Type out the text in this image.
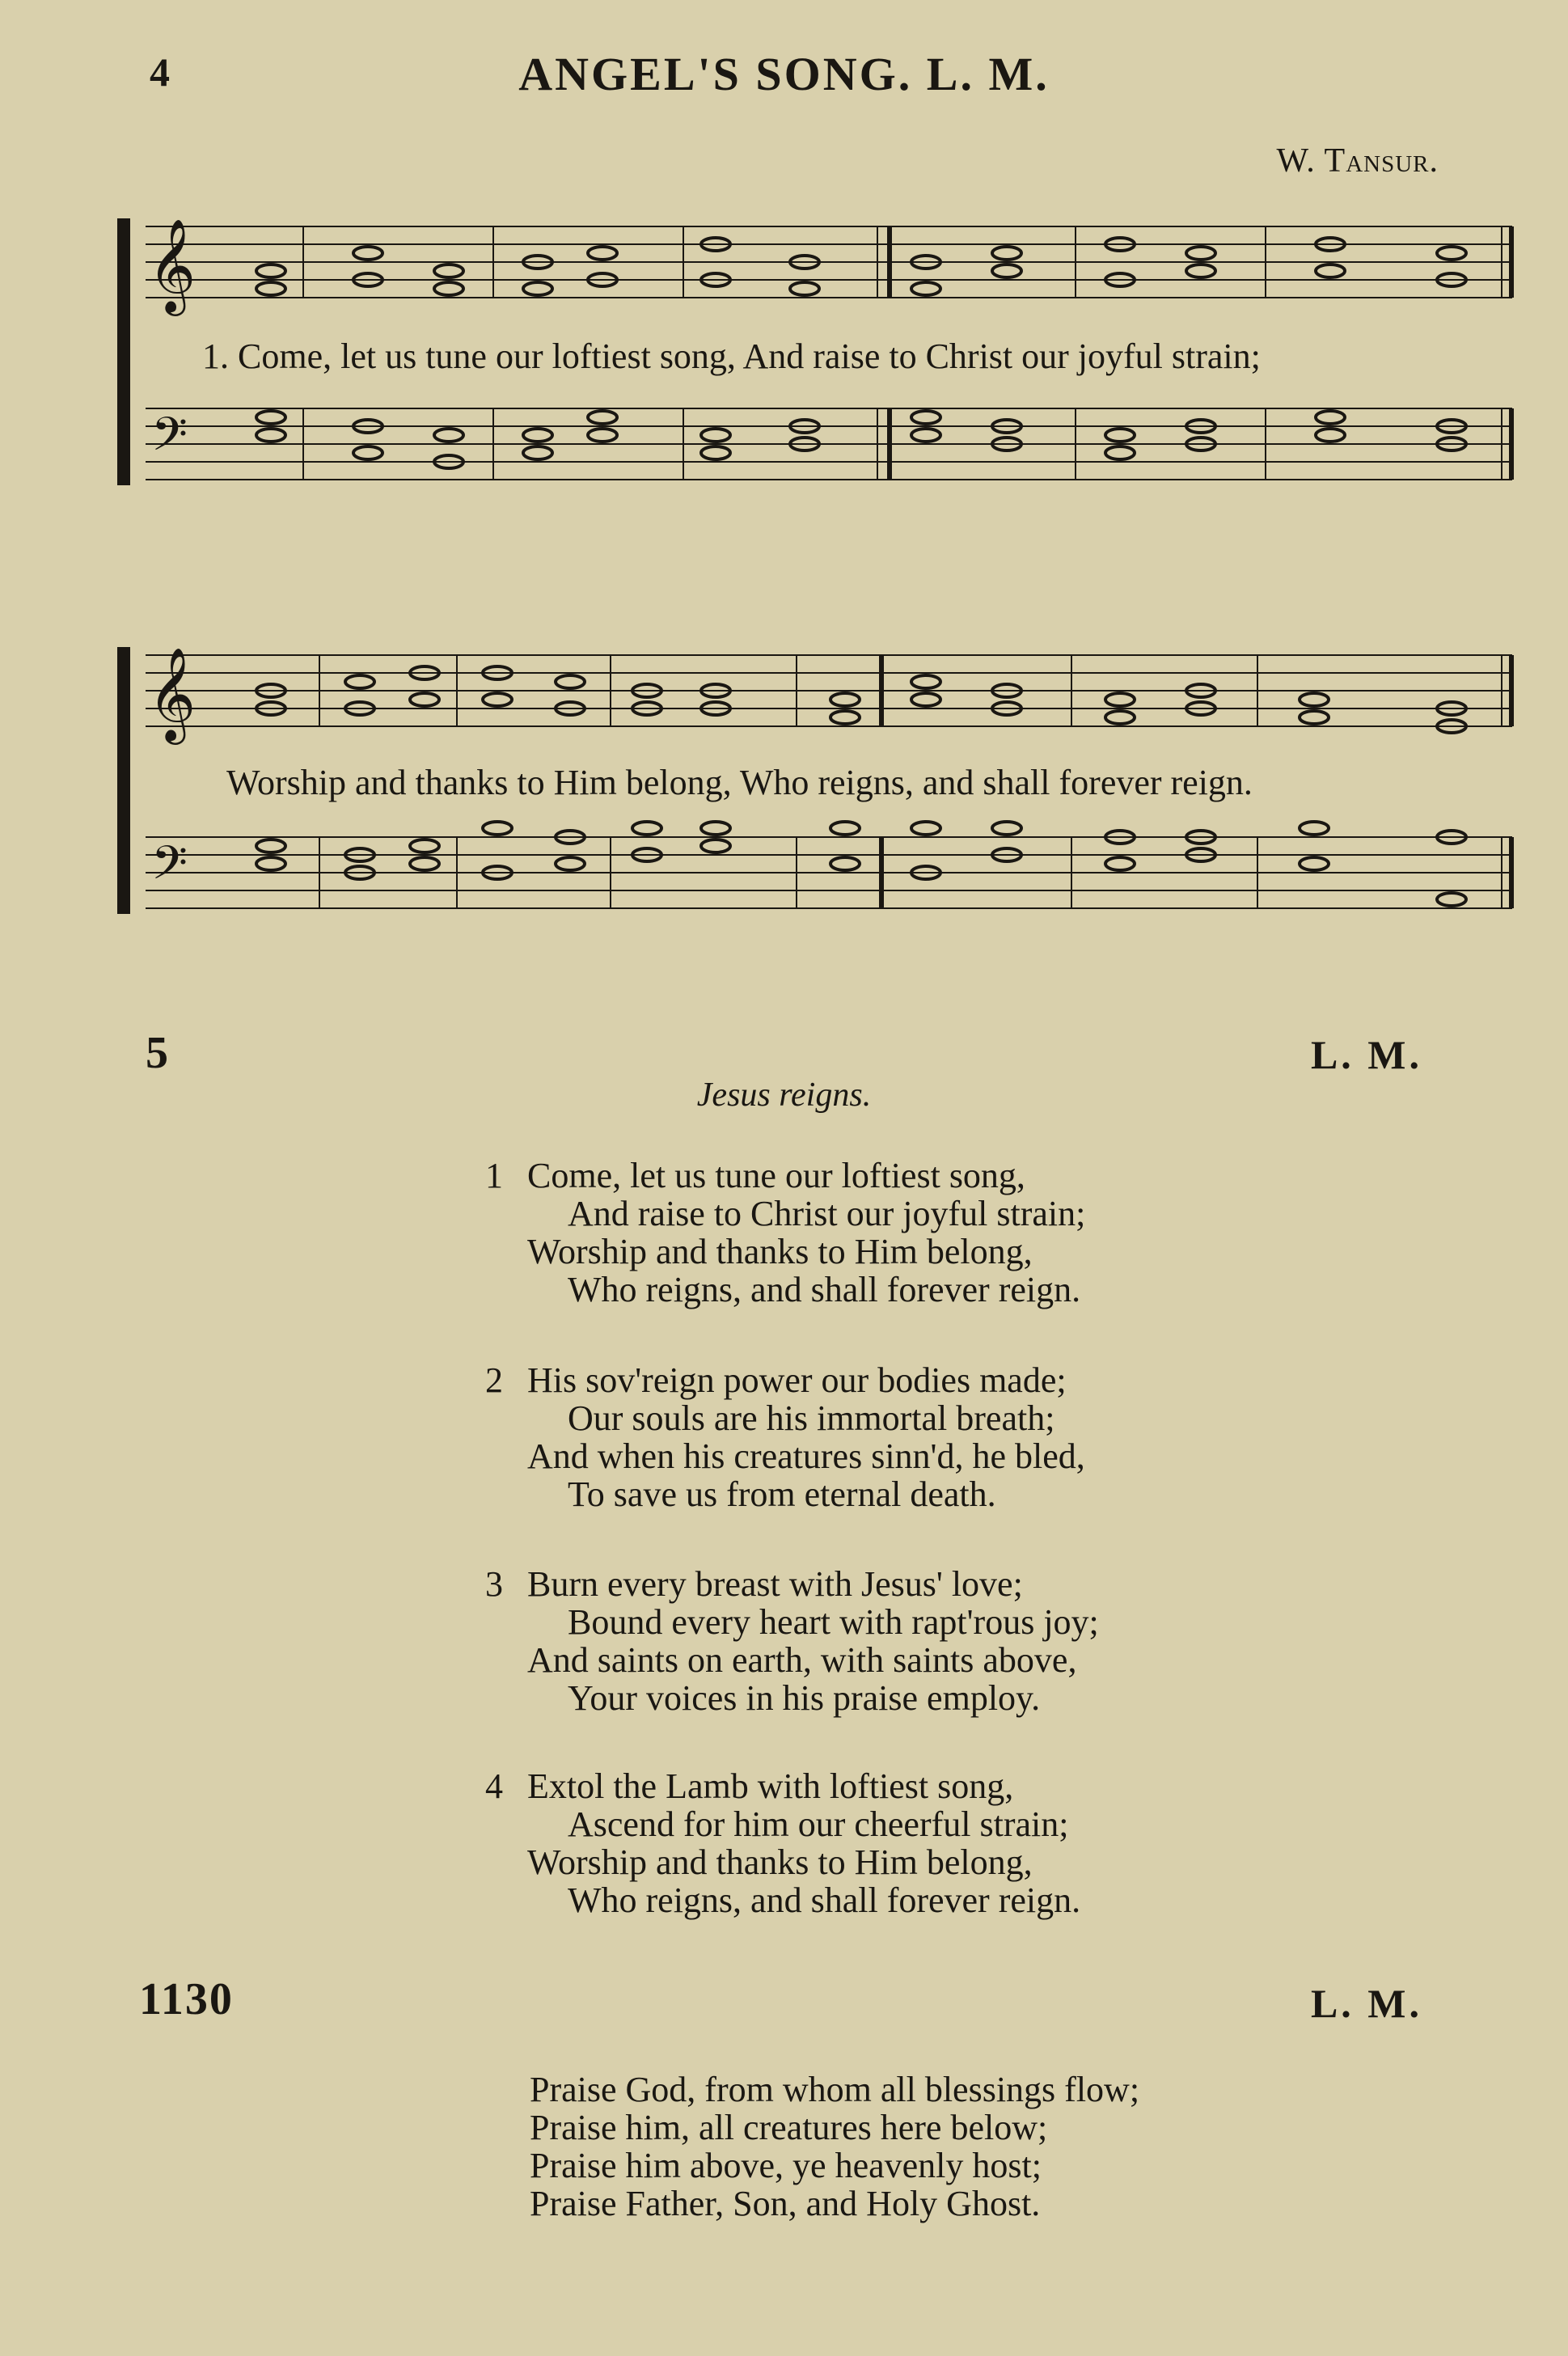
4	ANGEL'S SONG. L. M.
W. Tansur.
𝄞
𝄢
1. Come, let us tune our loftiest song, And raise to Christ our joyful strain;
𝄞
𝄢
Worship and thanks to Him belong, Who reigns, and shall forever reign.
5	L. M.
Jesus reigns.
1 Come, let us tune our loftiest song,
And raise to Christ our joyful strain;
Worship and thanks to Him belong,
Who reigns, and shall forever reign.
2 His sov'reign power our bodies made;
Our souls are his immortal breath;
And when his creatures sinn'd, he bled,
To save us from eternal death.
3 Burn every breast with Jesus' love;
Bound every heart with rapt'rous joy;
And saints on earth, with saints above,
Your voices in his praise employ.
4 Extol the Lamb with loftiest song,
Ascend for him our cheerful strain;
Worship and thanks to Him belong,
Who reigns, and shall forever reign.
1130	L. M.
Praise God, from whom all blessings flow;
Praise him, all creatures here below;
Praise him above, ye heavenly host;
Praise Father, Son, and Holy Ghost.
